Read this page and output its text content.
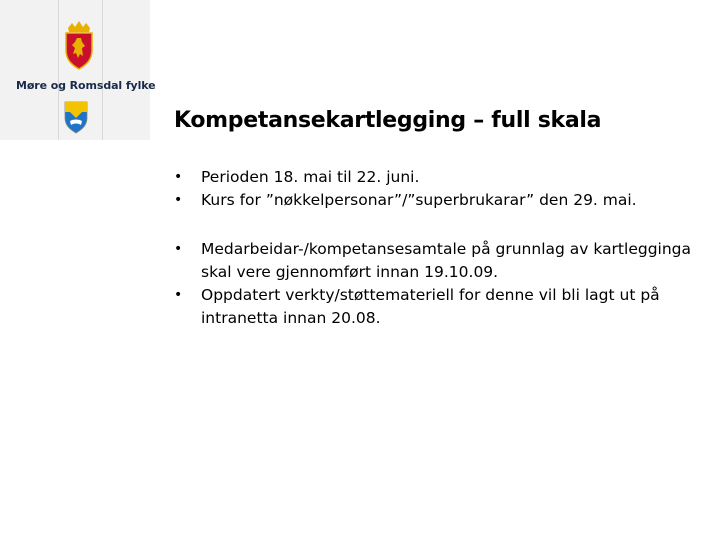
Møre og Romsdal fylke
Kompetansekartlegging – full skala
• Perioden 18. mai til 22. juni.
• Kurs for ”nøkkelpersonar”/”superbrukarar” den 29. mai.
• Medarbeidar-/kompetansesamtale på grunnlag av kartlegginga skal vere gjennomført innan 19.10.09.
• Oppdatert verkty/støttemateriell for denne vil bli lagt ut på intranetta innan 20.08.
